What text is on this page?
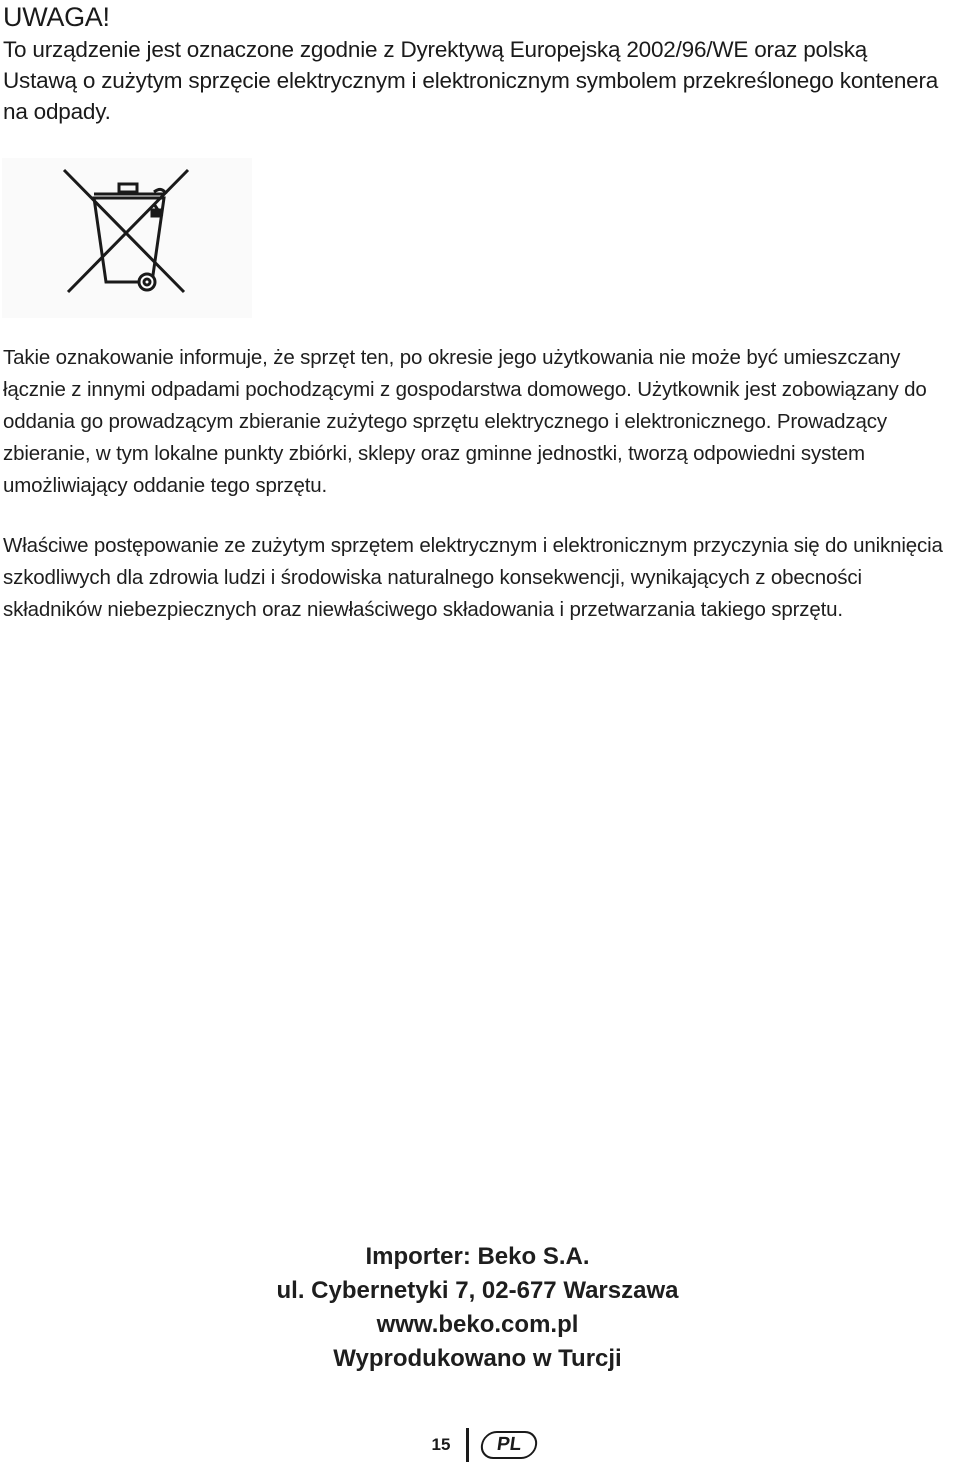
UWAGA!

To urządzenie jest oznaczone zgodnie z Dyrektywą Europejską 2002/96/WE oraz polską Ustawą o zużytym sprzęcie elektrycznym i elektronicznym symbolem przekreślonego kontenera na odpady.

Takie oznakowanie informuje, że sprzęt ten, po okresie jego użytkowania nie może być umieszczany łącznie z innymi odpadami pochodzącymi z gospodarstwa domowego. Użytkownik jest zobowiązany do oddania go prowadzącym zbieranie zużytego sprzętu elektrycznego i elektronicznego. Prowadzący zbieranie, w tym lokalne punkty zbiórki, sklepy oraz gminne jednostki, tworzą odpowiedni system umożliwiający oddanie tego sprzętu.

Właściwe postępowanie ze zużytym sprzętem elektrycznym i elektronicznym przyczynia się do uniknięcia szkodliwych dla zdrowia ludzi i środowiska naturalnego konsekwencji, wynikających z obecności składników niebezpiecznych oraz niewłaściwego składowania i przetwarzania takiego sprzętu.

Importer: Beko S.A.
ul. Cybernetyki 7, 02-677 Warszawa
www.beko.com.pl
Wyprodukowano w Turcji
15	PL
